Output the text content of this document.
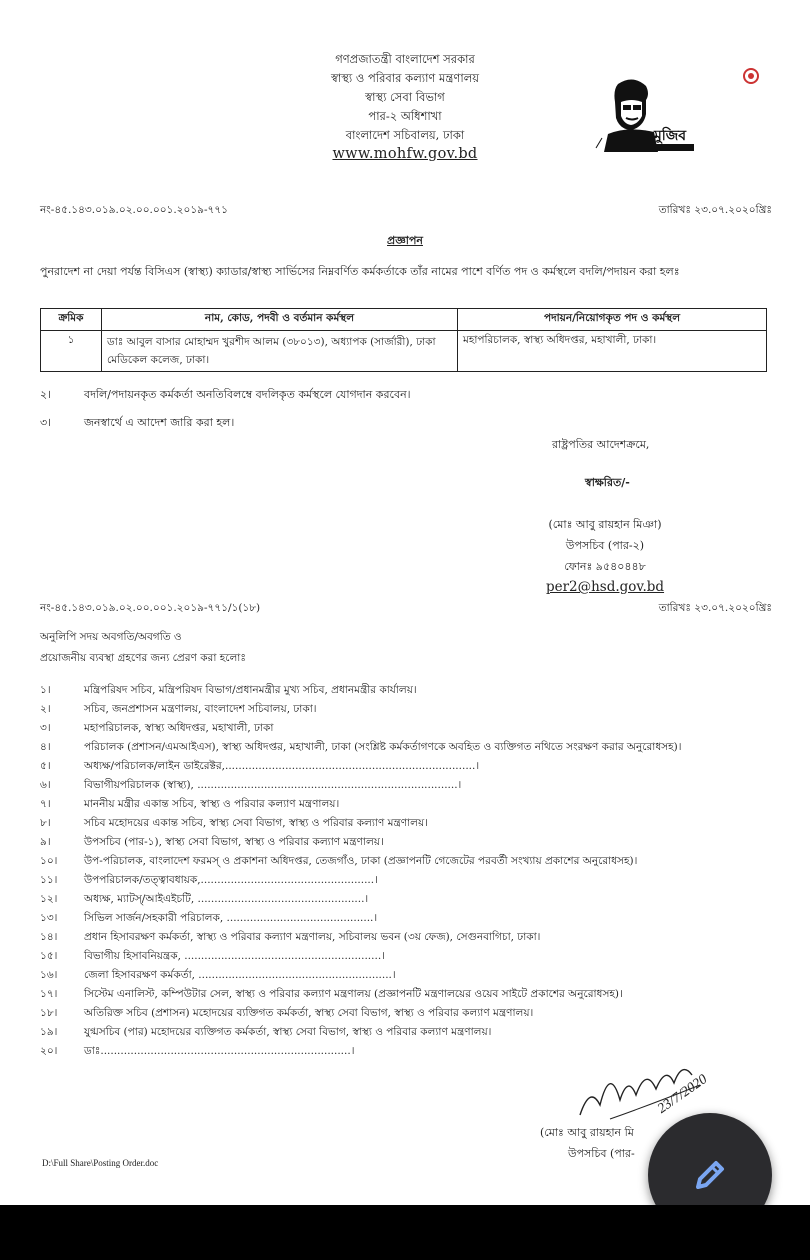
গণপ্রজাতন্ত্রী বাংলাদেশ সরকার
স্বাস্থ্য ও পরিবার কল্যাণ মন্ত্রণালয়
স্বাস্থ্য সেবা বিভাগ
পার-২ অধিশাখা
বাংলাদেশ সচিবালয়, ঢাকা
www.mohfw.gov.bd
মুজিব
নং-৪৫.১৪৩.০১৯.০২.০০.০০১.২০১৯-৭৭১	তারিখঃ ২৩.০৭.২০২০খ্রিঃ
প্রজ্ঞাপন
পুনরাদেশ না দেয়া পর্যন্ত বিসিএস (স্বাস্থ্য) ক্যাডার/স্বাস্থ্য সার্ভিসের নিম্নবর্ণিত কর্মকর্তাকে তাঁর নামের পাশে বর্ণিত পদ ও কর্মস্থলে বদলি/পদায়ন করা হলঃ
ক্রমিক	নাম, কোড, পদবী ও বর্তমান কর্মস্থল	পদায়ন/নিয়োগকৃত পদ ও কর্মস্থল
১	ডাঃ আবুল বাসার মোহাম্মদ খুরশীদ আলম (৩৮০১৩), অধ্যাপক (সার্জারী), ঢাকা মেডিকেল কলেজ, ঢাকা।	মহাপরিচালক, স্বাস্থ্য অধিদপ্তর, মহাখালী, ঢাকা।
২।	বদলি/পদায়নকৃত কর্মকর্তা অনতিবিলম্বে বদলিকৃত কর্মস্থলে যোগদান করবেন।
৩।	জনস্বার্থে এ আদেশ জারি করা হল।
রাষ্ট্রপতির আদেশক্রমে,
স্বাক্ষরিত/-
(মোঃ আবু রায়হান মিঞা)
উপসচিব (পার-২)
ফোনঃ ৯৫৪০৪৪৮
per2@hsd.gov.bd
নং-৪৫.১৪৩.০১৯.০২.০০.০০১.২০১৯-৭৭১/১(১৮)	তারিখঃ ২৩.০৭.২০২০খ্রিঃ
অনুলিপি সদয় অবগতি/অবগতি ও
প্রয়োজনীয় ব্যবস্থা গ্রহণের জন্য প্রেরণ করা হলোঃ
১।	মন্ত্রিপরিষদ সচিব, মন্ত্রিপরিষদ বিভাগ/প্রধানমন্ত্রীর মুখ্য সচিব, প্রধানমন্ত্রীর কার্যালয়।
২।	সচিব, জনপ্রশাসন মন্ত্রণালয়, বাংলাদেশ সচিবালয়, ঢাকা।
৩।	মহাপরিচালক, স্বাস্থ্য অধিদপ্তর, মহাখালী, ঢাকা
৪।	পরিচালক (প্রশাসন/এমআইএস), স্বাস্থ্য অধিদপ্তর, মহাখালী, ঢাকা (সংশ্লিষ্ট কর্মকর্তাগণকে অবহিত ও ব্যক্তিগত নথিতে সংরক্ষণ করার অনুরোধসহ)।
৫।	অধ্যক্ষ/পরিচালক/লাইন ডাইরেক্টর,...........................................................................।
৬।	বিভাগীয়পরিচালক (স্বাস্থ্য), ..............................................................................।
৭।	মাননীয় মন্ত্রীর একান্ত সচিব, স্বাস্থ্য ও পরিবার কল্যাণ মন্ত্রণালয়।
৮।	সচিব মহোদয়ের একান্ত সচিব, স্বাস্থ্য সেবা বিভাগ, স্বাস্থ্য ও পরিবার কল্যাণ মন্ত্রণালয়।
৯।	উপসচিব (পার-১), স্বাস্থ্য সেবা বিভাগ, স্বাস্থ্য ও পরিবার কল্যাণ মন্ত্রণালয়।
১০।	উপ-পরিচালক, বাংলাদেশ ফরমস্ ও প্রকাশনা অধিদপ্তর, তেজগাঁও, ঢাকা (প্রজ্ঞাপনটি গেজেটের পরবর্তী সংখ্যায় প্রকাশের অনুরোধসহ)।
১১।	উপপরিচালক/তত্ত্বাবধায়ক,....................................................।
১২।	অধ্যক্ষ, ম্যাটস্/আইএইচটি, ..................................................।
১৩।	সিভিল সার্জন/সহকারী পরিচালক, ............................................।
১৪।	প্রধান হিসাবরক্ষণ কর্মকর্তা, স্বাস্থ্য ও পরিবার কল্যাণ মন্ত্রণালয়, সচিবালয় ভবন (৩য় ফেজ), সেগুনবাগিচা, ঢাকা।
১৫।	বিভাগীয় হিসাবনিয়ন্ত্রক, ...........................................................।
১৬।	জেলা হিসাবরক্ষণ কর্মকর্তা, ..........................................................।
১৭।	সিস্টেম এনালিস্ট, কম্পিউটার সেল, স্বাস্থ্য ও পরিবার কল্যাণ মন্ত্রণালয় (প্রজ্ঞাপনটি মন্ত্রণালয়ের ওয়েব সাইটে প্রকাশের অনুরোধসহ)।
১৮।	অতিরিক্ত সচিব (প্রশাসন) মহোদয়ের ব্যক্তিগত কর্মকর্তা, স্বাস্থ্য সেবা বিভাগ, স্বাস্থ্য ও পরিবার কল্যাণ মন্ত্রণালয়।
১৯।	যুগ্মসচিব (পার) মহোদয়ের ব্যক্তিগত কর্মকর্তা, স্বাস্থ্য সেবা বিভাগ, স্বাস্থ্য ও পরিবার কল্যাণ মন্ত্রণালয়।
২০।	ডাঃ...........................................................................।
(মোঃ আবু রায়হান মি
উপসচিব (পার-
23/7/2020
D:\Full Share\Posting Order.doc
